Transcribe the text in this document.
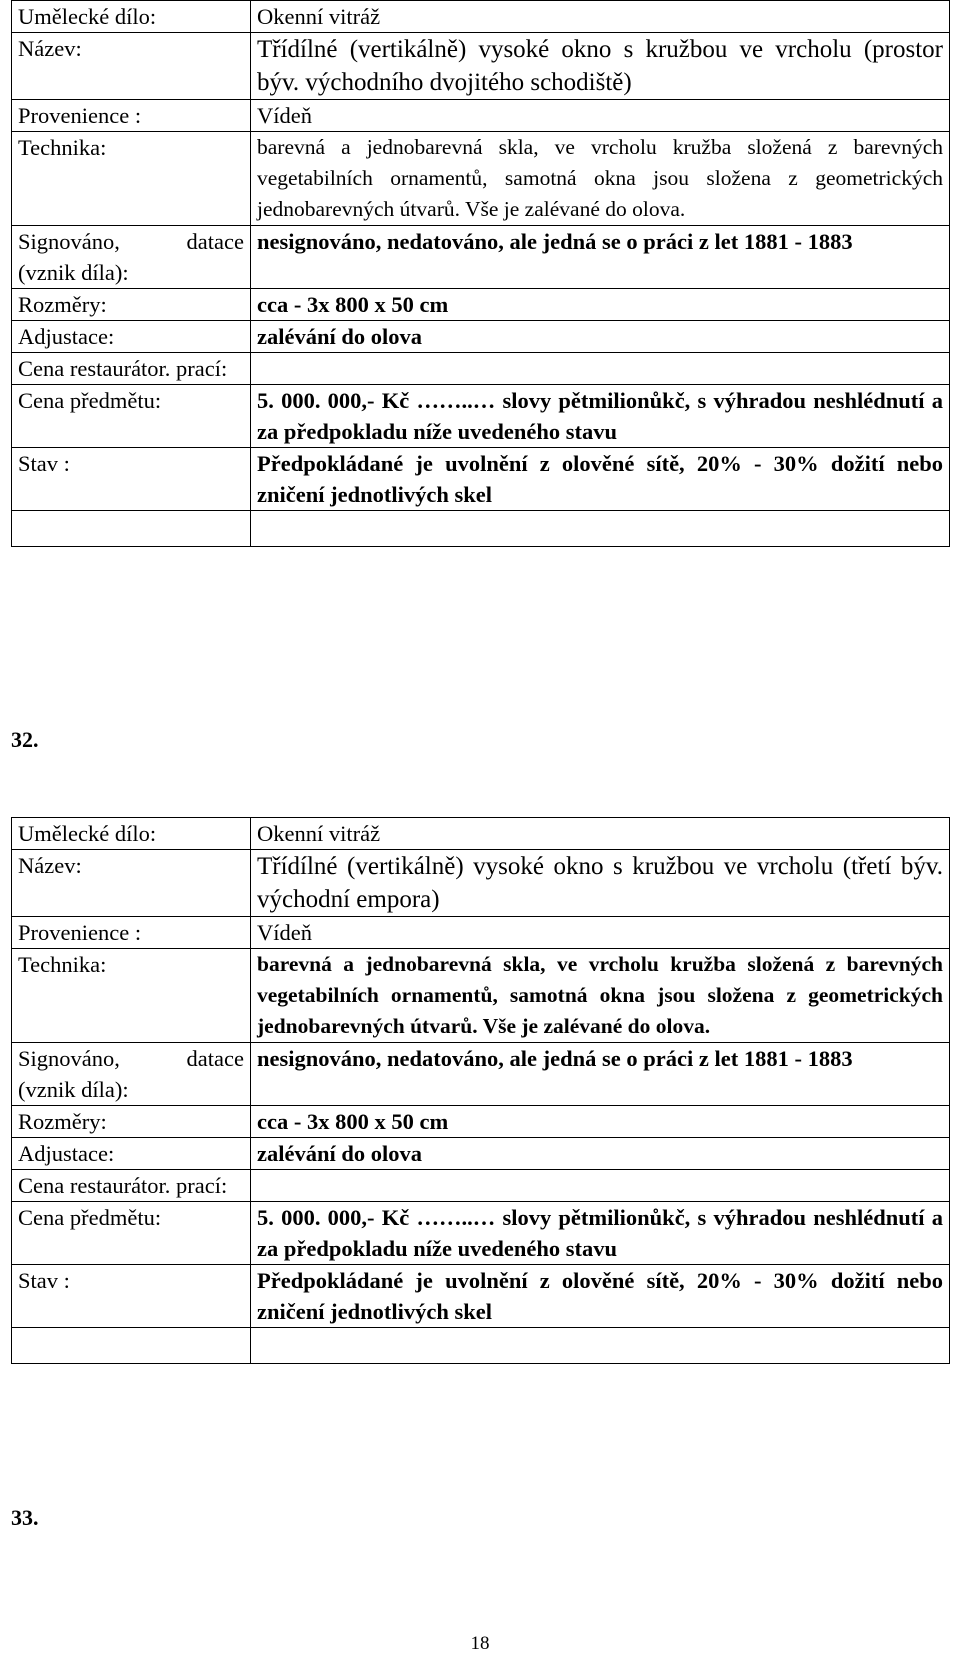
Umělecké dílo:	Okenní vitráž
Název:	Třídílné (vertikálně) vysoké okno s kružbou ve vrcholu (prostor býv. východního dvojitého schodiště)
Provenience :	Vídeň
Technika:	barevná a jednobarevná skla, ve vrcholu kružba složená z barevných vegetabilních ornamentů, samotná okna jsou složena z geometrických jednobarevných útvarů. Vše je zalévané do olova.
Signováno, datace (vznik díla):	nesignováno, nedatováno, ale jedná se o práci z let 1881 - 1883
Rozměry:	cca - 3x 800 x 50 cm
Adjustace:	zalévání do olova
Cena restaurátor. prací:	
Cena předmětu:	5. 000. 000,- Kč ……..… slovy pětmilionůkč, s výhradou neshlédnutí a za předpokladu níže uvedeného stavu
Stav :	Předpokládané je uvolnění z olověné sítě, 20% - 30% dožití nebo zničení jednotlivých skel

32.
Umělecké dílo:	Okenní vitráž
Název:	Třídílné (vertikálně) vysoké okno s kružbou ve vrcholu (třetí býv. východní empora)
Provenience :	Vídeň
Technika:	barevná a jednobarevná skla, ve vrcholu kružba složená z barevných vegetabilních ornamentů, samotná okna jsou složena z geometrických jednobarevných útvarů. Vše je zalévané do olova.
Signováno, datace (vznik díla):	nesignováno, nedatováno, ale jedná se o práci z let 1881 - 1883
Rozměry:	cca - 3x 800 x 50 cm
Adjustace:	zalévání do olova
Cena restaurátor. prací:	
Cena předmětu:	5. 000. 000,- Kč ……..… slovy pětmilionůkč, s výhradou neshlédnutí a za předpokladu níže uvedeného stavu
Stav :	Předpokládané je uvolnění z olověné sítě, 20% - 30% dožití nebo zničení jednotlivých skel

33.
18
